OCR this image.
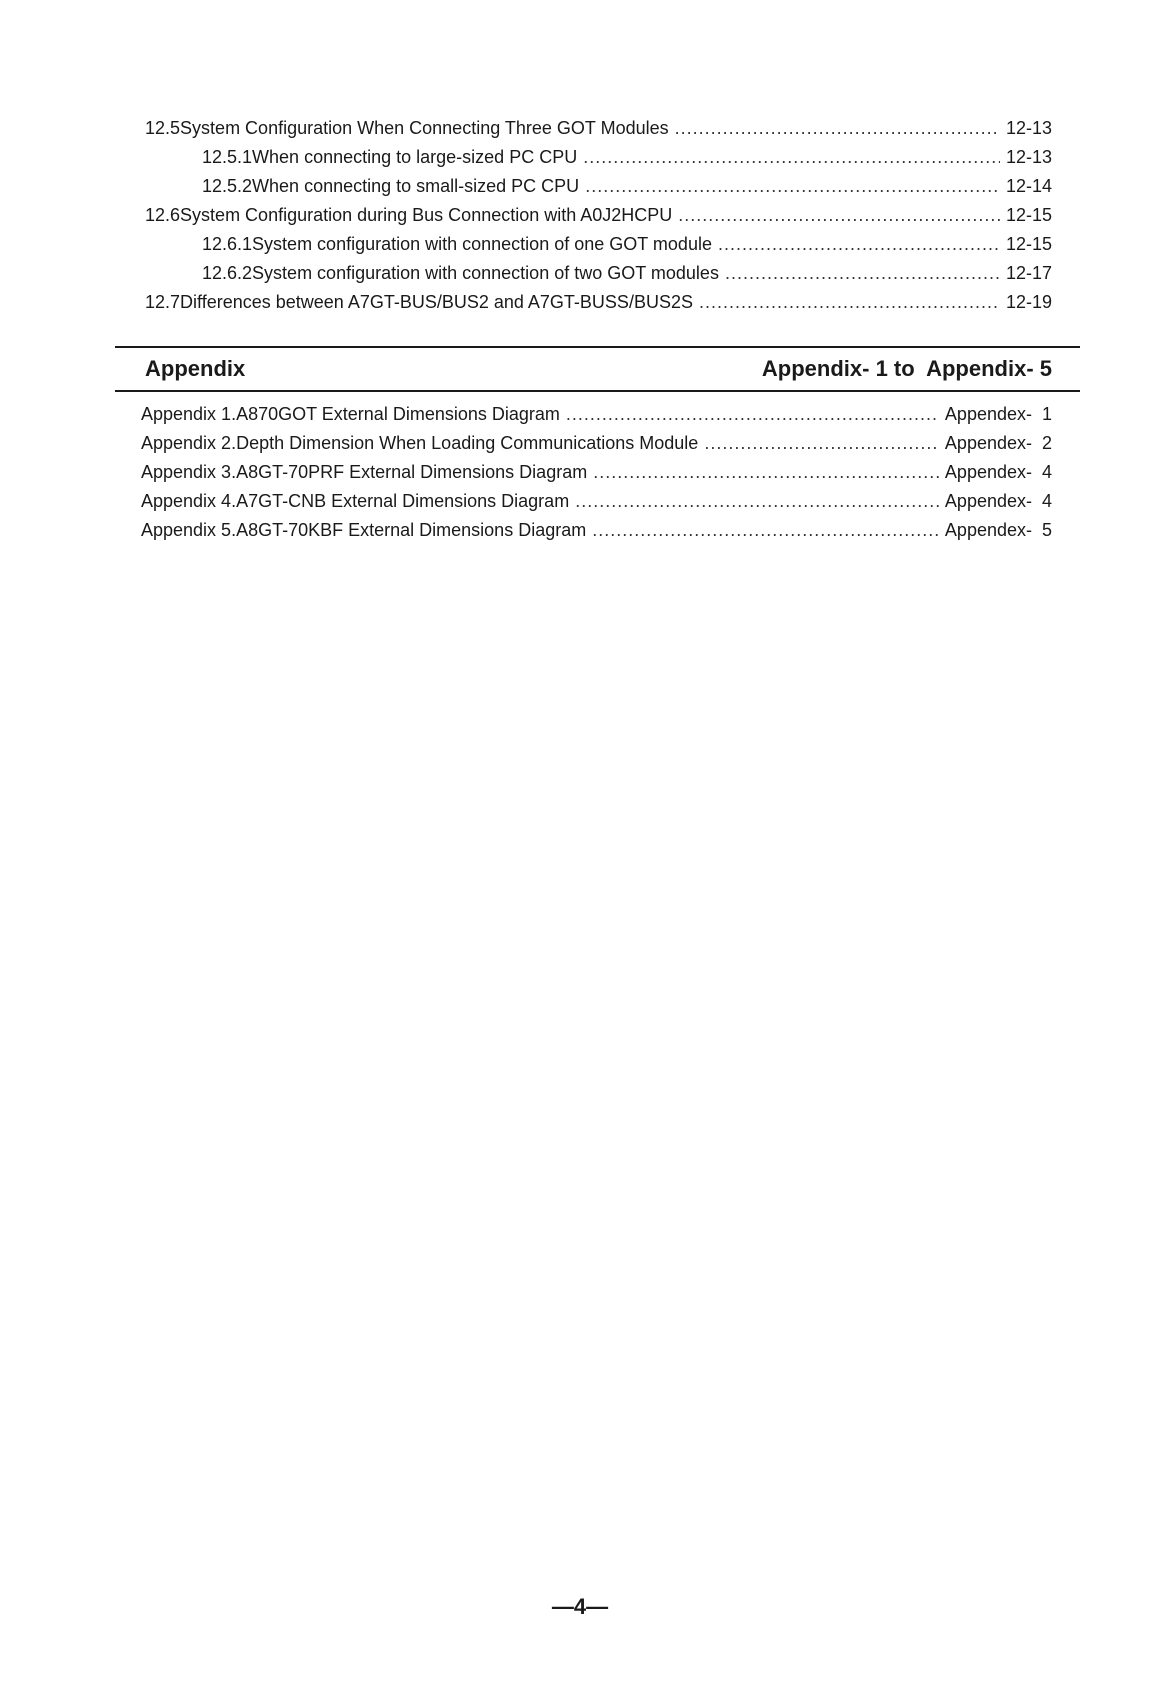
12.5 System Configuration When Connecting Three GOT Modules .....	12-13
12.5.1 When connecting to large-sized PC CPU .....	12-13
12.5.2 When connecting to small-sized PC CPU .....	12-14
12.6 System Configuration during Bus Connection with A0J2HCPU .....	12-15
12.6.1 System configuration with connection of one GOT module .....	12-15
12.6.2 System configuration with connection of two GOT modules .....	12-17
12.7 Differences between A7GT-BUS/BUS2 and A7GT-BUSS/BUS2S .....	12-19
Appendix	Appendix- 1 to  Appendix- 5
Appendix 1. A870GOT External Dimensions Diagram .....	Appendex-  1
Appendix 2. Depth Dimension When Loading Communications Module .....	Appendex-  2
Appendix 3. A8GT-70PRF External Dimensions Diagram .....	Appendex-  4
Appendix 4. A7GT-CNB External Dimensions Diagram .....	Appendex-  4
Appendix 5. A8GT-70KBF External Dimensions Diagram .....	Appendex-  5
—4—
